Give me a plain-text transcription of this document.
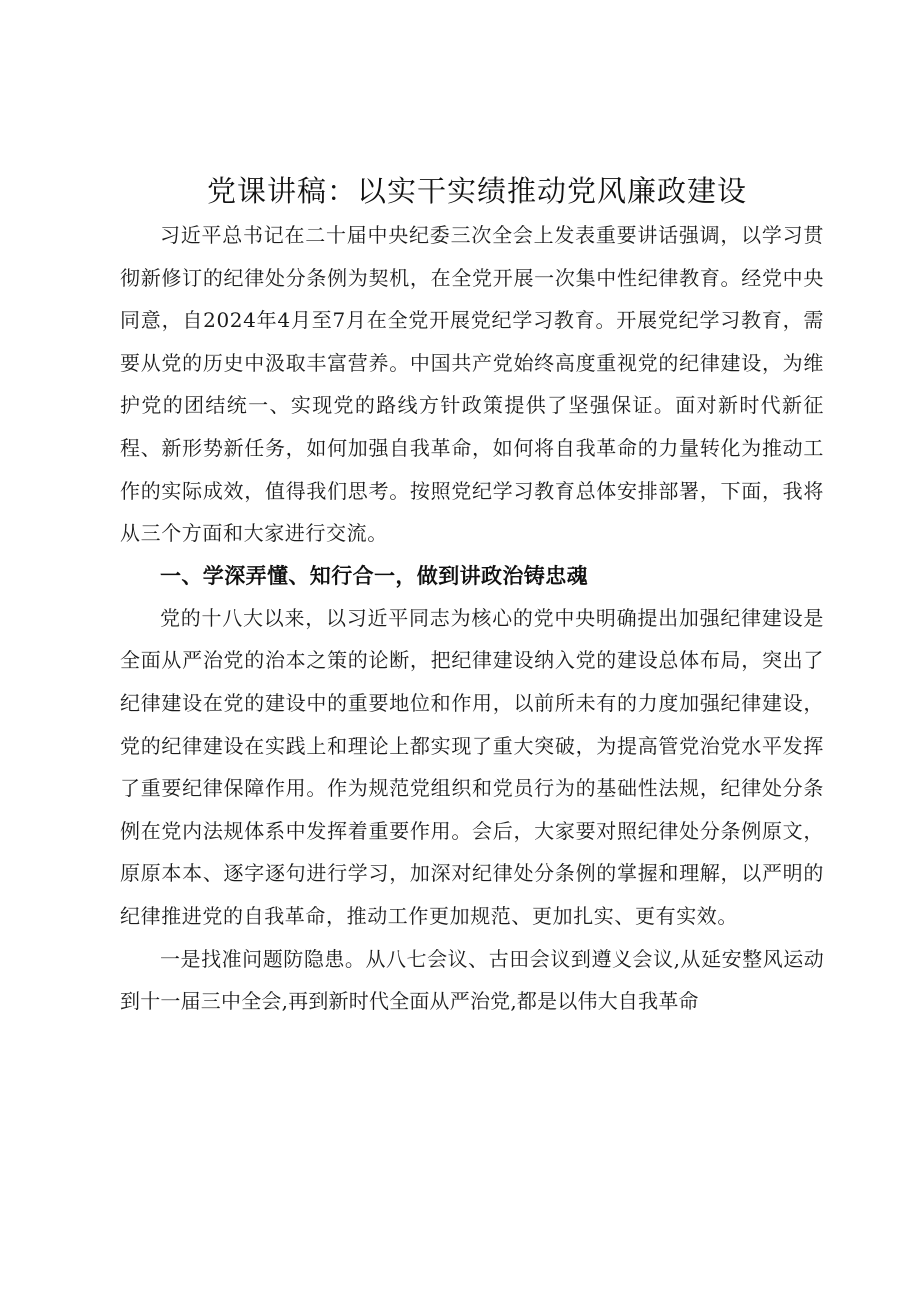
党课讲稿：以实干实绩推动党风廉政建设

习近平总书记在二十届中央纪委三次全会上发表重要讲话强调，以学习贯彻新修订的纪律处分条例为契机，在全党开展一次集中性纪律教育。经党中央同意，自2024年4月至7月在全党开展党纪学习教育。开展党纪学习教育，需要从党的历史中汲取丰富营养。中国共产党始终高度重视党的纪律建设，为维护党的团结统一、实现党的路线方针政策提供了坚强保证。面对新时代新征程、新形势新任务，如何加强自我革命，如何将自我革命的力量转化为推动工作的实际成效，值得我们思考。按照党纪学习教育总体安排部署，下面，我将从三个方面和大家进行交流。

一、学深弄懂、知行合一，做到讲政治铸忠魂

党的十八大以来，以习近平同志为核心的党中央明确提出加强纪律建设是全面从严治党的治本之策的论断，把纪律建设纳入党的建设总体布局，突出了纪律建设在党的建设中的重要地位和作用，以前所未有的力度加强纪律建设，党的纪律建设在实践上和理论上都实现了重大突破，为提高管党治党水平发挥了重要纪律保障作用。作为规范党组织和党员行为的基础性法规，纪律处分条例在党内法规体系中发挥着重要作用。会后，大家要对照纪律处分条例原文，原原本本、逐字逐句进行学习，加深对纪律处分条例的掌握和理解，以严明的纪律推进党的自我革命，推动工作更加规范、更加扎实、更有实效。

一是找准问题防隐患。从八七会议、古田会议到遵义会议,从延安整风运动到十一届三中全会,再到新时代全面从严治党,都是以伟大自我革命
